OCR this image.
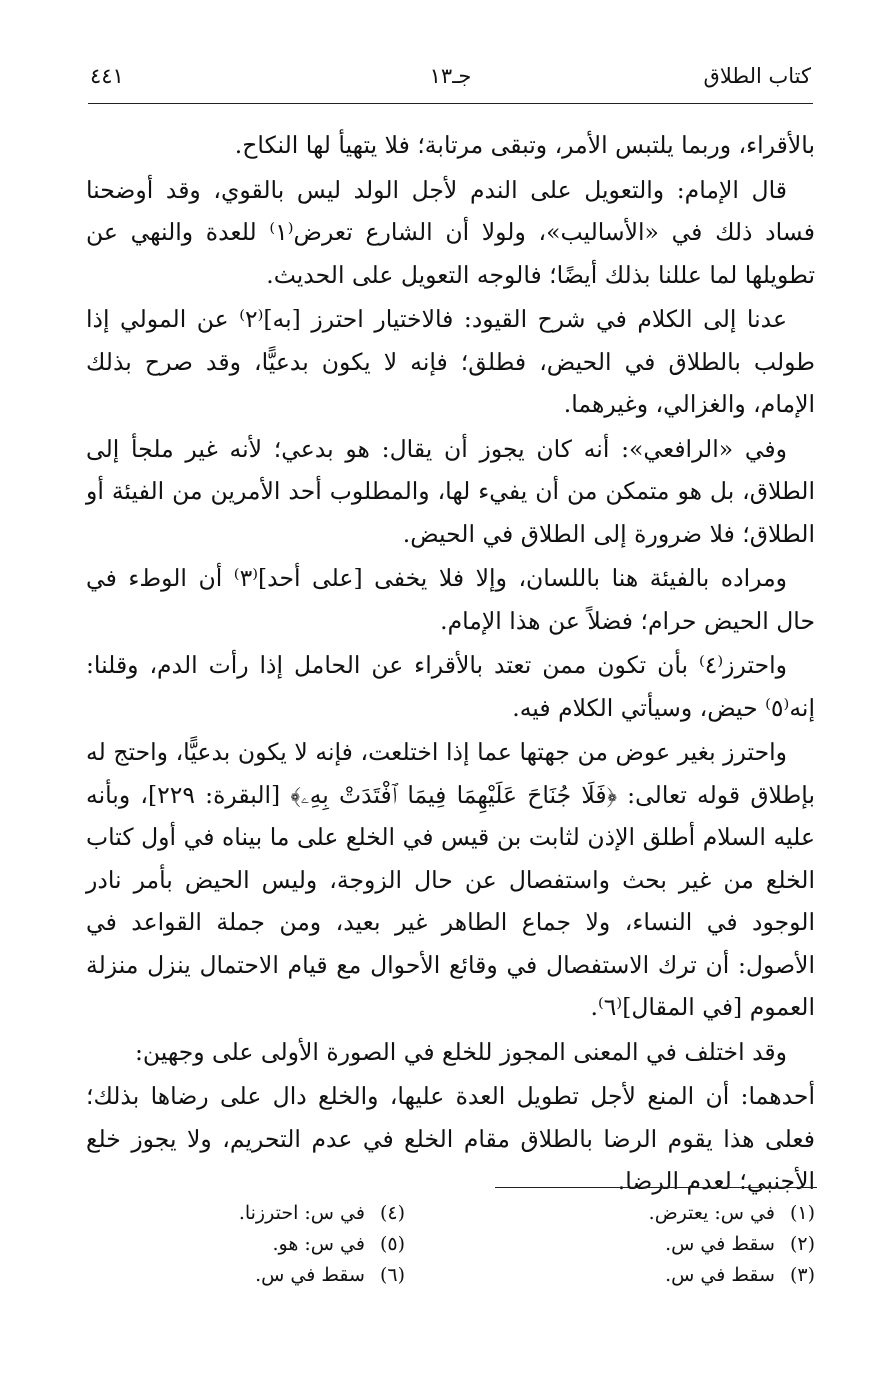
كتاب الطلاق
جـ١٣
٤٤١

بالأقراء، وربما يلتبس الأمر، وتبقى مرتابة؛ فلا يتهيأ لها النكاح.

قال الإمام: والتعويل على الندم لأجل الولد ليس بالقوي، وقد أوضحنا فساد ذلك في «الأساليب»، ولولا أن الشارع تعرض⁽١⁾ للعدة والنهي عن تطويلها لما عللنا بذلك أيضًا؛ فالوجه التعويل على الحديث.

عدنا إلى الكلام في شرح القيود: فالاختيار احترز [به]⁽٢⁾ عن المولي إذا طولب بالطلاق في الحيض، فطلق؛ فإنه لا يكون بدعيًّا، وقد صرح بذلك الإمام، والغزالي، وغيرهما.

وفي «الرافعي»: أنه كان يجوز أن يقال: هو بدعي؛ لأنه غير ملجأ إلى الطلاق، بل هو متمكن من أن يفيء لها، والمطلوب أحد الأمرين من الفيئة أو الطلاق؛ فلا ضرورة إلى الطلاق في الحيض.

ومراده بالفيئة هنا باللسان، وإلا فلا يخفى [على أحد]⁽٣⁾ أن الوطء في حال الحيض حرام؛ فضلاً عن هذا الإمام.

واحترز⁽٤⁾ بأن تكون ممن تعتد بالأقراء عن الحامل إذا رأت الدم، وقلنا: إنه⁽٥⁾ حيض، وسيأتي الكلام فيه.

واحترز بغير عوض من جهتها عما إذا اختلعت، فإنه لا يكون بدعيًّا، واحتج له بإطلاق قوله تعالى: ﴿فَلَا جُنَاحَ عَلَيْهِمَا فِيمَا ٱفْتَدَتْ بِهِۦ﴾ [البقرة: ٢٢٩]، وبأنه عليه السلام أطلق الإذن لثابت بن قيس في الخلع على ما بيناه في أول كتاب الخلع من غير بحث واستفصال عن حال الزوجة، وليس الحيض بأمر نادر الوجود في النساء، ولا جماع الطاهر غير بعيد، ومن جملة القواعد في الأصول: أن ترك الاستفصال في وقائع الأحوال مع قيام الاحتمال ينزل منزلة العموم [في المقال]⁽٦⁾.

وقد اختلف في المعنى المجوز للخلع في الصورة الأولى على وجهين:

أحدهما: أن المنع لأجل تطويل العدة عليها، والخلع دال على رضاها بذلك؛ فعلى هذا يقوم الرضا بالطلاق مقام الخلع في عدم التحريم، ولا يجوز خلع الأجنبي؛ لعدم الرضا.

(١) في س: يعترض.
(٢) سقط في س.
(٣) سقط في س.
(٤) في س: احترزنا.
(٥) في س: هو.
(٦) سقط في س.
